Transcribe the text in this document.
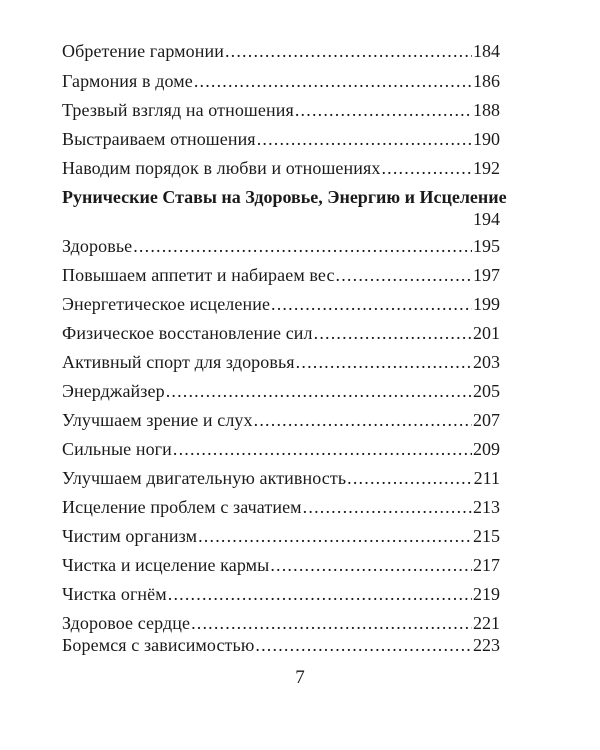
Обретение гармонии .....	184
Гармония в доме .....	186
Трезвый взгляд на отношения .....	188
Выстраиваем отношения .....	190
Наводим порядок в любви и отношениях .....	192
Рунические Ставы на Здоровье, Энергию и Исцеление
194
Здоровье .....	195
Повышаем аппетит и набираем вес .....	197
Энергетическое исцеление .....	199
Физическое восстановление сил .....	201
Активный спорт для здоровья .....	203
Энерджайзер .....	205
Улучшаем зрение и слух .....	207
Сильные ноги .....	209
Улучшаем двигательную активность .....	211
Исцеление проблем с зачатием .....	213
Чистим организм .....	215
Чистка и исцеление кармы .....	217
Чистка огнём .....	219
Здоровое сердце .....	221
Боремся с зависимостью .....	223
7
